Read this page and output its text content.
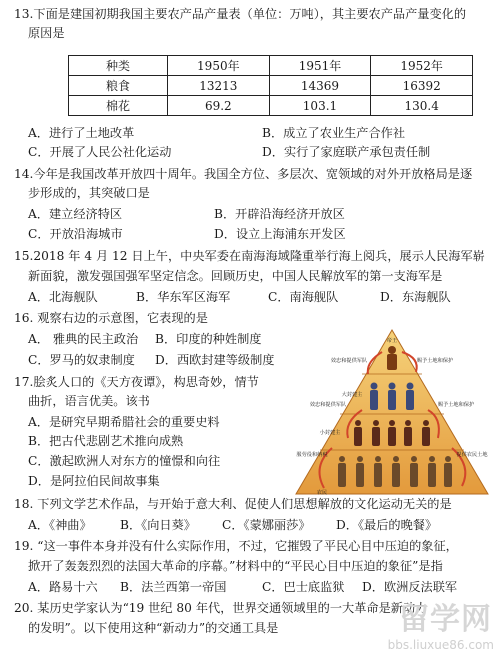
13.下面是建国初期我国主要农产品产量表（单位：万吨），其主要农产品产量变化的
原因是
种类	1950年	1951年	1952年
粮食	13213	14369	16392
棉花	69.2	103.1	130.4
A．进行了土地改革	B．成立了农业生产合作社
C．开展了人民公社化运动	D．实行了家庭联产承包责任制
14.今年是我国改革开放四十周年。我国全方位、多层次、宽领域的对外开放格局是逐
步形成的，其突破口是
A．建立经济特区	B．开辟沿海经济开放区
C．开放沿海城市	D．设立上海浦东开发区
15.2018 年 4 月 12 日上午，中央军委在南海海域隆重举行海上阅兵，展示人民海军崭
新面貌，激发强国强军坚定信念。回顾历史，中国人民解放军的第一支海军是
A．北海舰队	B．华东军区海军	C．南海舰队	D．东海舰队
16. 观察右边的示意图，它表现的是
A． 雅典的民主政治 B．印度的种姓制度
C．罗马的奴隶制度 D．西欧封建等级制度
17.脍炙人口的《天方夜谭》，构思奇妙，情节
曲折，语言优美。该书
A．是研究早期希腊社会的重要史料
B．把古代悲剧艺术推向成熟
C．激起欧洲人对东方的憧憬和向往
D．是阿拉伯民间故事集
帝王
效忠和提供军队	赐予土地和保护
大封建主
效忠和提供军队	赐予土地和保护
小封建主
服劳役和纳税	提供农民土地
农民
18. 下列文学艺术作品，与开始于意大利、促使人们思想解放的文化运动无关的是
A．《神曲》 B．《向日葵》 C．《蒙娜丽莎》 D．《最后的晚餐》
19. “这一事件本身并没有什么实际作用，不过，它摧毁了平民心目中压迫的象征，
掀开了轰轰烈烈的法国大革命的序幕。”材料中的“平民心目中压迫的象征”是指
A．路易十六 B．法兰西第一帝国	C．巴士底监狱 D．欧洲反法联军
20. 某历史学家认为“19 世纪 80 年代，世界交通领域里的一大革命是新动力
的发明”。以下使用这种“新动力”的交通工具是	留学网
bbs.liuxue86.com
